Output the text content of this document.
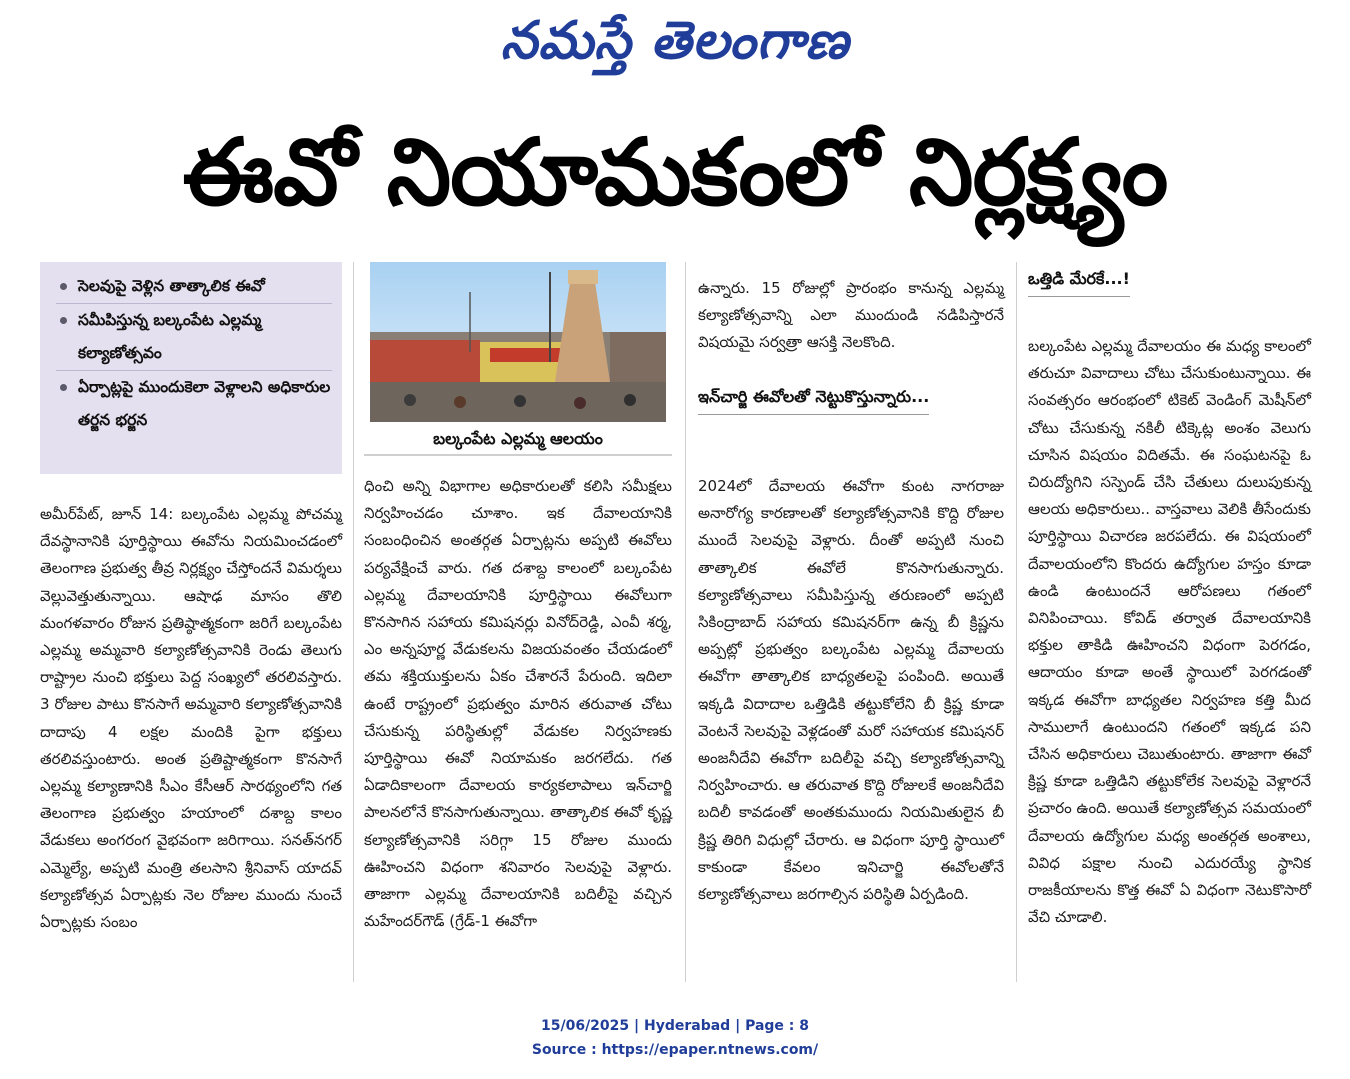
నమస్తే తెలంగాణ
ఈవో నియామకంలో నిర్లక్ష్యం
సెలవుపై వెళ్లిన తాత్కాలిక ఈవో
సమీపిస్తున్న బల్కంపేట ఎల్లమ్మ కల్యాణోత్సవం
ఏర్పాట్లపై ముందుకెలా వెళ్లాలని అధికారుల తర్జన భర్జన

అమీర్‌పేట్, జూన్ 14: బల్కంపేట ఎల్లమ్మ పోచమ్మ దేవస్థానానికి పూర్తిస్థాయి ఈవోను నియమించడంలో తెలంగాణ ప్రభుత్వ తీవ్ర నిర్లక్ష్యం చేస్తోందనే విమర్శలు వెల్లువెత్తుతున్నాయి. ఆషాఢ మాసం తొలి మంగళవారం రోజున ప్రతిష్ఠాత్మకంగా జరిగే బల్కంపేట ఎల్లమ్మ అమ్మవారి కల్యాణోత్సవానికి రెండు తెలుగు రాష్ట్రాల నుంచి భక్తులు పెద్ద సంఖ్యలో తరలివస్తారు. 3 రోజుల పాటు కొనసాగే అమ్మవారి కల్యాణోత్సవానికి దాదాపు 4 లక్షల మందికి పైగా భక్తులు తరలివస్తుంటారు. అంత ప్రతిష్టాత్మకంగా కొనసాగే ఎల్లమ్మ కల్యాణానికి సీఎం కేసీఆర్ సారథ్యంలోని గత తెలంగాణ ప్రభుత్వం హయాంలో దశాబ్ద కాలం వేడుకలు అంగరంగ వైభవంగా జరిగాయి. సనత్‌నగర్ ఎమ్మెల్యే, అప్పటి మంత్రి తలసాని శ్రీనివాస్ యాదవ్ కల్యాణోత్సవ ఏర్పాట్లకు నెల రోజుల ముందు నుంచే ఏర్పాట్లకు సంబం

బల్కంపేట ఎల్లమ్మ ఆలయం

ధించి అన్ని విభాగాల అధికారులతో కలిసి సమీక్షలు నిర్వహించడం చూశాం. ఇక దేవాలయానికి సంబంధించిన అంతర్గత ఏర్పాట్లను అప్పటి ఈవోలు పర్యవేక్షించే వారు. గత దశాబ్ద కాలంలో బల్కంపేట ఎల్లమ్మ దేవాలయానికి పూర్తిస్థాయి ఈవోలుగా కొనసాగిన సహాయ కమిషనర్లు వినోద్‌రెడ్డి, ఎంవీ శర్మ, ఎం అన్నపూర్ణ వేడుకలను విజయవంతం చేయడంలో తమ శక్తియుక్తులను ఏకం చేశారనే పేరుంది. ఇదిలా ఉంటే రాష్ట్రంలో ప్రభుత్వం మారిన తరువాత చోటు చేసుకున్న పరిస్థితుల్లో వేడుకల నిర్వహణకు పూర్తిస్థాయి ఈవో నియామకం జరగలేదు. గత ఏడాదికాలంగా దేవాలయ కార్యకలాపాలు ఇన్‌చార్జి పాలనలోనే కొనసాగుతున్నాయి. తాత్కాలిక ఈవో కృష్ణ కల్యాణోత్సవానికి సరిగ్గా 15 రోజుల ముందు ఊహించని విధంగా శనివారం సెలవుపై వెళ్లారు. తాజాగా ఎల్లమ్మ దేవాలయానికి బదిలీపై వచ్చిన మహేందర్‌గౌడ్ (గ్రేడ్-1 ఈవోగా

ఉన్నారు. 15 రోజుల్లో ప్రారంభం కానున్న ఎల్లమ్మ కల్యాణోత్సవాన్ని ఎలా ముందుండి నడిపిస్తారనే విషయమై సర్వత్రా ఆసక్తి నెలకొంది.

ఇన్‌చార్జి ఈవోలతో నెట్టుకొస్తున్నారు...

2024లో దేవాలయ ఈవోగా కుంట నాగరాజు అనారోగ్య కారణాలతో కల్యాణోత్సవానికి కొద్ది రోజుల ముందే సెలవుపై వెళ్లారు. దీంతో అప్పటి నుంచి తాత్కాలిక ఈవోలే కొనసాగుతున్నారు. కల్యాణోత్సవాలు సమీపిస్తున్న తరుణంలో అప్పటి సికింద్రాబాద్ సహాయ కమిషనర్‌గా ఉన్న బీ క్రిష్ణను అప్పట్లో ప్రభుత్వం బల్కంపేట ఎల్లమ్మ దేవాలయ ఈవోగా తాత్కాలిక బాధ్యతలపై పంపింది. అయితే ఇక్కడి విదాదాల ఒత్తిడికి తట్టుకోలేని బీ క్రిష్ణ కూడా వెంటనే సెలవుపై వెళ్లడంతో మరో సహాయక కమిషనర్ అంజనీదేవి ఈవోగా బదిలీపై వచ్చి కల్యాణోత్సవాన్ని నిర్వహించారు. ఆ తరువాత కొద్ది రోజులకే అంజనీదేవి బదిలీ కావడంతో అంతకుముందు నియమితులైన బీ క్రిష్ణ తిరిగి విధుల్లో చేరారు. ఆ విధంగా పూర్తి స్థాయిలో కాకుండా కేవలం ఇనిచార్జి ఈవోలతోనే కల్యాణోత్సవాలు జరగాల్సిన పరిస్థితి ఏర్పడింది.

ఒత్తిడి మేరకే...!

బల్కంపేట ఎల్లమ్మ దేవాలయం ఈ మధ్య కాలంలో తరుచూ వివాదాలు చోటు చేసుకుంటున్నాయి. ఈ సంవత్సరం ఆరంభంలో టికెట్ వెండింగ్ మెషీన్‌లో చోటు చేసుకున్న నకిలీ టిక్కెట్ల అంశం వెలుగు చూసిన విషయం విదితమే. ఈ సంఘటనపై ఓ చిరుద్యోగిని సస్పెండ్ చేసి చేతులు దులుపుకున్న ఆలయ అధికారులు.. వాస్తవాలు వెలికి తీసేందుకు పూర్తిస్థాయి విచారణ జరపలేదు. ఈ విషయంలో దేవాలయంలోని కొందరు ఉద్యోగుల హస్తం కూడా ఉండి ఉంటుందనే ఆరోపణలు గతంలో వినిపించాయి. కోవిడ్ తర్వాత దేవాలయానికి భక్తుల తాకిడి ఊహించని విధంగా పెరగడం, ఆదాయం కూడా అంతే స్థాయిలో పెరగడంతో ఇక్కడ ఈవోగా బాధ్యతల నిర్వహణ కత్తి మీద సాములాగే ఉంటుందని గతంలో ఇక్కడ పని చేసిన అధికారులు చెబుతుంటారు. తాజాగా ఈవో క్రిష్ణ కూడా ఒత్తిడిని తట్టుకోలేక సెలవుపై వెళ్లారనే ప్రచారం ఉంది. అయితే కల్యాణోత్సవ సమయంలో దేవాలయ ఉద్యోగుల మధ్య అంతర్గత అంశాలు, వివిధ పక్షాల నుంచి ఎదురయ్యే స్థానిక రాజకీయాలను కొత్త ఈవో ఏ విధంగా నెటుకొసారో వేచి చూడాలి.

15/06/2025 | Hyderabad | Page : 8
Source : https://epaper.ntnews.com/
